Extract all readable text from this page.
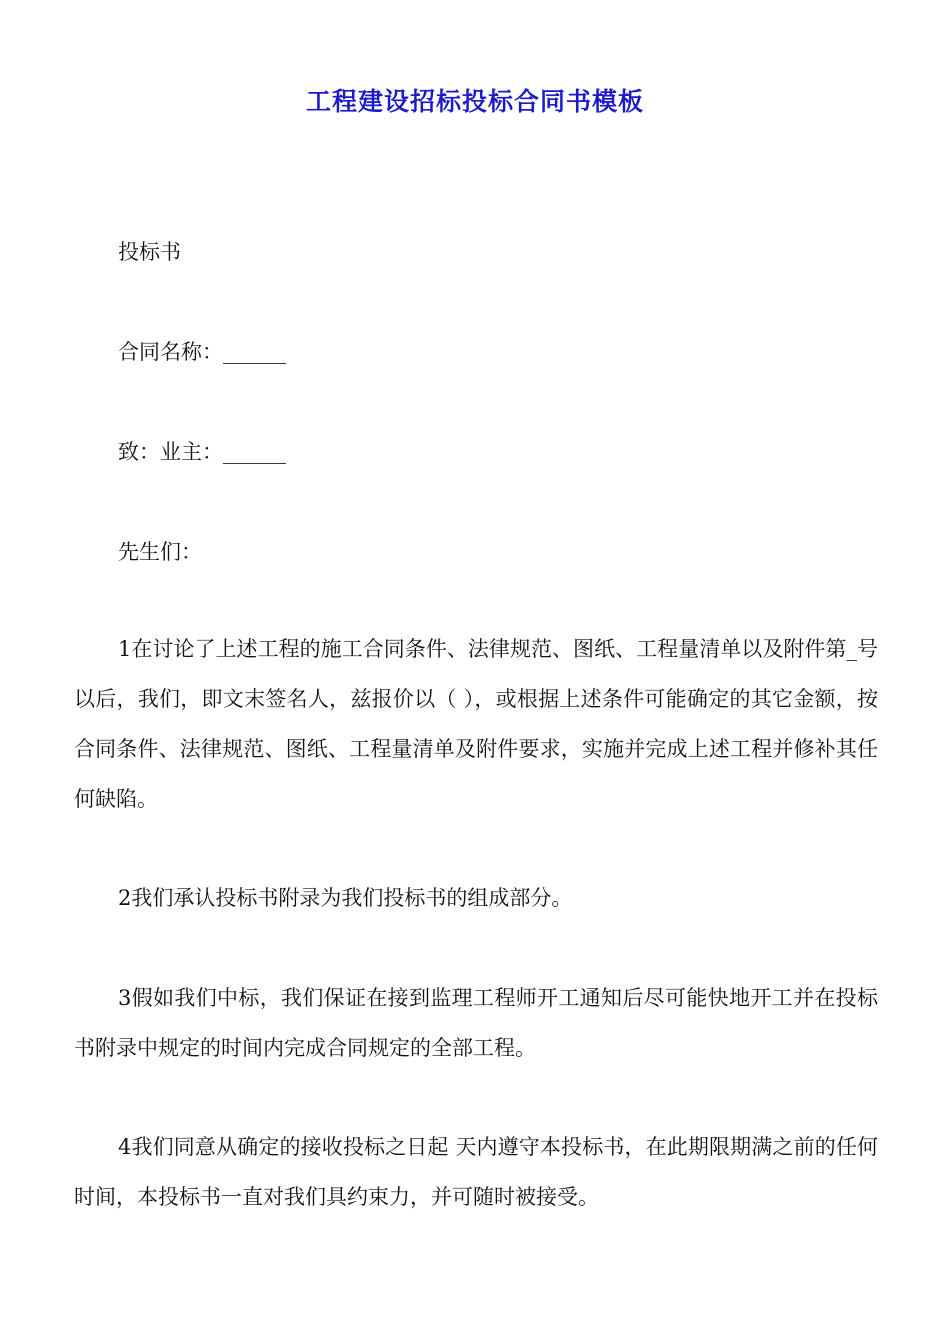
工程建设招标投标合同书模板
投标书
合同名称：______
致：业主：______
先生们：
1在讨论了上述工程的施工合同条件、法律规范、图纸、工程量清单以及附件第_号以后，我们，即文末签名人，兹报价以（ ），或根据上述条件可能确定的其它金额，按合同条件、法律规范、图纸、工程量清单及附件要求，实施并完成上述工程并修补其任何缺陷。
2我们承认投标书附录为我们投标书的组成部分。
3假如我们中标，我们保证在接到监理工程师开工通知后尽可能快地开工并在投标书附录中规定的时间内完成合同规定的全部工程。
4我们同意从确定的接收投标之日起 天内遵守本投标书，在此期限期满之前的任何时间，本投标书一直对我们具约束力，并可随时被接受。
